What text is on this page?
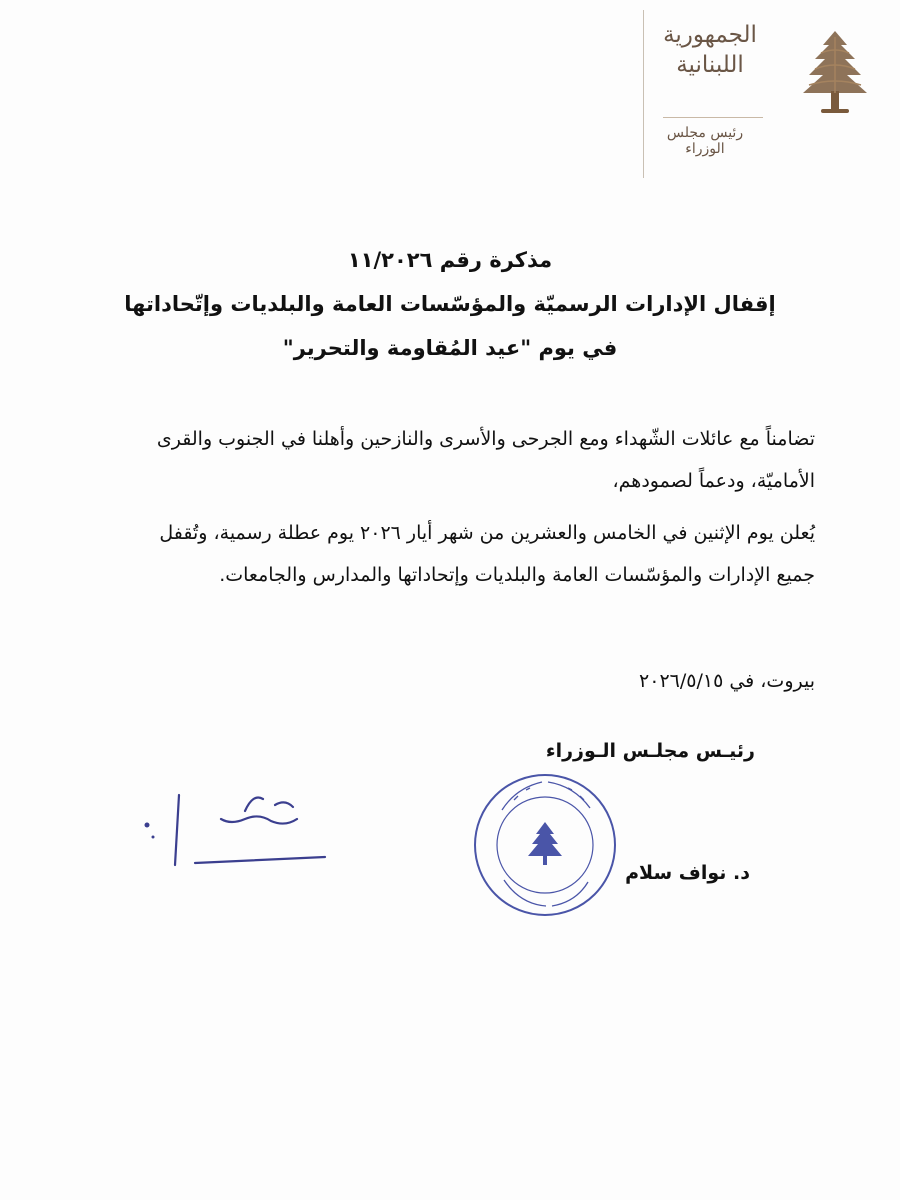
الجمهورية
اللبنانية
رئيس مجلس الوزراء
مذكرة رقم ١١/٢٠٢٦
إقفال الإدارات الرسميّة والمؤسّسات العامة والبلديات وإتّحاداتها
في يوم "عيد المُقاومة والتحرير"
تضامناً مع عائلات الشّهداء ومع الجرحى والأسرى والنازحين وأهلنا في الجنوب والقرى الأماميّة، ودعماً لصمودهم،
يُعلن يوم الإثنين في الخامس والعشرين من شهر أيار ٢٠٢٦ يوم عطلة رسمية، وتُقفل جميع الإدارات والمؤسّسات العامة والبلديات وإتحاداتها والمدارس والجامعات.
بيروت، في ٢٠٢٦/٥/١٥
رئيـس مجلـس الـوزراء
د. نواف سلام
